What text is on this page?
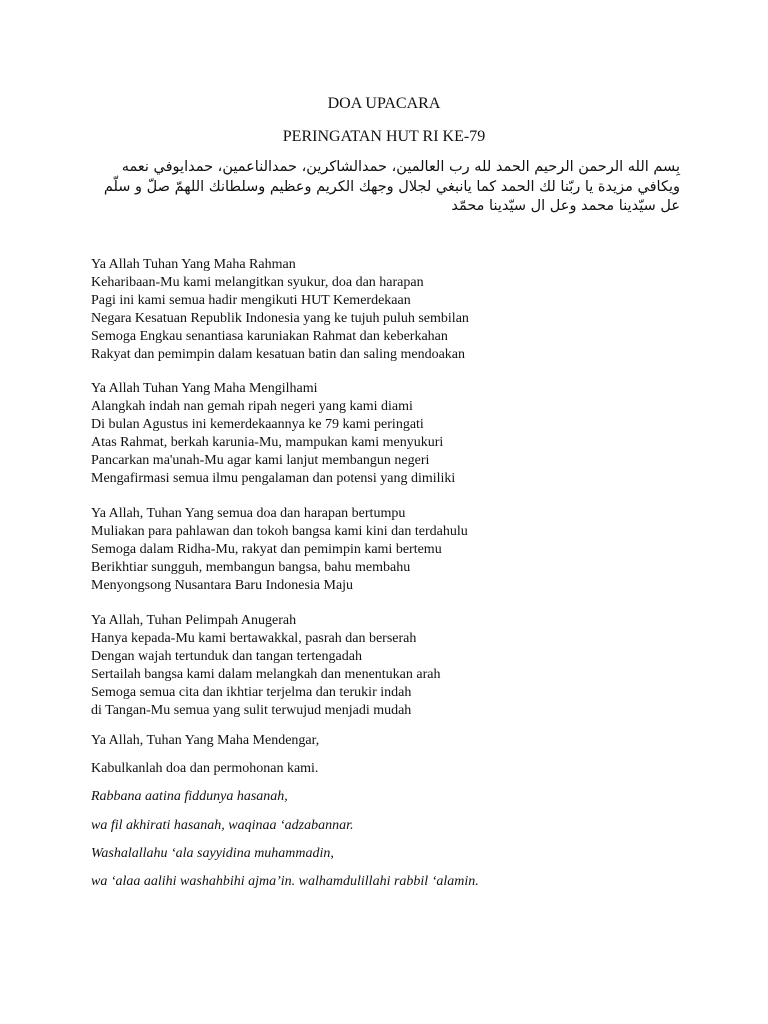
DOA UPACARA
PERINGATAN HUT RI KE-79
بِسم الله الرحمن الرحيم الحمد لله رب العالمين، حمدالشاكرين، حمدالناعمين، حمدايوفي نعمه
ويكافي مزيدة يا ربّنا لك الحمد كما يانبغي لجلال وجهك الكريم وعظيم وسلطانك اللهمّ صلّ و سلّم
عل سيّدينا محمد وعل ال سيّدينا محمّد
Ya Allah Tuhan Yang Maha Rahman
Keharibaan-Mu kami melangitkan syukur, doa dan harapan
Pagi ini kami semua hadir mengikuti HUT Kemerdekaan
Negara Kesatuan Republik Indonesia yang ke tujuh puluh sembilan
Semoga Engkau senantiasa karuniakan Rahmat dan keberkahan
Rakyat dan pemimpin dalam kesatuan batin dan saling mendoakan
Ya Allah Tuhan Yang Maha Mengilhami
Alangkah indah nan gemah ripah negeri yang kami diami
Di bulan Agustus ini kemerdekaannya ke 79 kami peringati
Atas Rahmat, berkah karunia-Mu, mampukan kami menyukuri
Pancarkan ma'unah-Mu agar kami lanjut membangun negeri
Mengafirmasi semua ilmu pengalaman dan potensi yang dimiliki
Ya Allah, Tuhan Yang semua doa dan harapan bertumpu
Muliakan para pahlawan dan tokoh bangsa kami kini dan terdahulu
Semoga dalam Ridha-Mu, rakyat dan pemimpin kami bertemu
Berikhtiar sungguh, membangun bangsa, bahu membahu
Menyongsong Nusantara Baru Indonesia Maju
Ya Allah, Tuhan Pelimpah Anugerah
Hanya kepada-Mu kami bertawakkal, pasrah dan berserah
Dengan wajah tertunduk dan tangan tertengadah
Sertailah bangsa kami dalam melangkah dan menentukan arah
Semoga semua cita dan ikhtiar terjelma dan terukir indah
di Tangan-Mu semua yang sulit terwujud menjadi mudah
Ya Allah, Tuhan Yang Maha Mendengar,
Kabulkanlah doa dan permohonan kami.
Rabbana aatina fiddunya hasanah,
wa fil akhirati hasanah, waqinaa ‘adzabannar.
Washalallahu ‘ala sayyidina muhammadin,
wa ‘alaa aalihi washahbihi ajma’in. walhamdulillahi rabbil ‘alamin.
